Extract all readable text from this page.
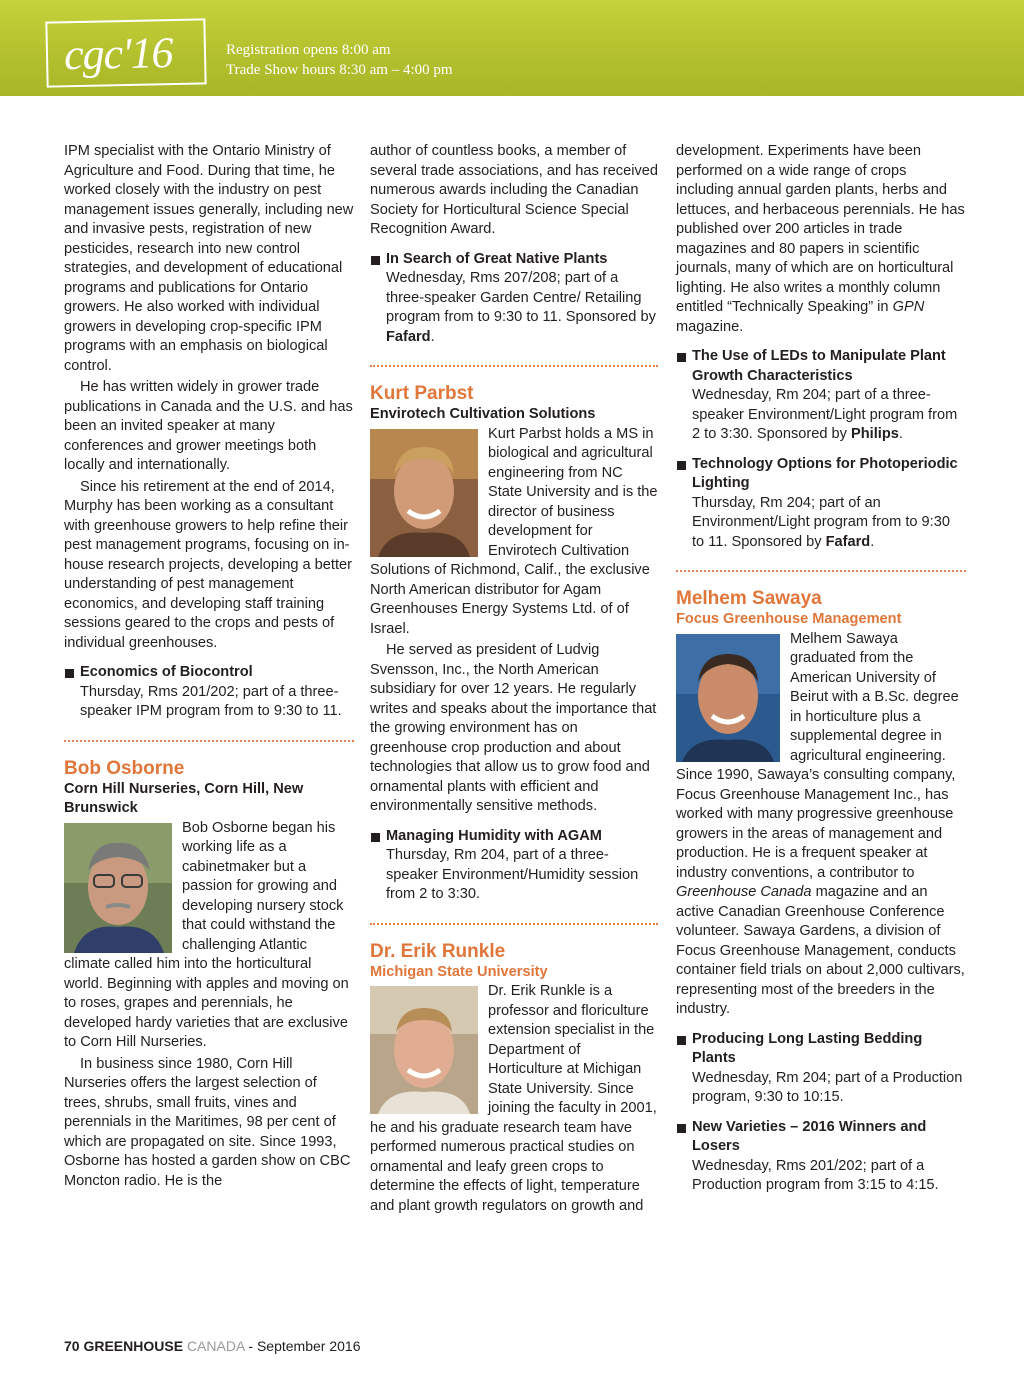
cgc'16	Registration opens 8:00 am
Trade Show hours 8:30 am – 4:00 pm

IPM specialist with the Ontario Ministry of Agriculture and Food. During that time, he worked closely with the industry on pest management issues generally, including new and invasive pests, registration of new pesticides, research into new control strategies, and development of educational programs and publications for Ontario growers. He also worked with individual growers in developing crop-specific IPM programs with an emphasis on biological control.

He has written widely in grower trade publications in Canada and the U.S. and has been an invited speaker at many conferences and grower meetings both locally and internationally.

Since his retirement at the end of 2014, Murphy has been working as a consultant with greenhouse growers to help refine their pest management programs, focusing on in-house research projects, developing a better understanding of pest management economics, and developing staff training sessions geared to the crops and pests of individual greenhouses.

Economics of Biocontrol
Thursday, Rms 201/202; part of a three-speaker IPM program from to 9:30 to 11.

Bob Osborne

Corn Hill Nurseries, Corn Hill, New Brunswick

Bob Osborne began his working life as a cabinetmaker but a passion for growing and developing nursery stock that could withstand the challenging Atlantic climate called him into the horticultural world. Beginning with apples and moving on to roses, grapes and perennials, he developed hardy varieties that are exclusive to Corn Hill Nurseries.

In business since 1980, Corn Hill Nurseries offers the largest selection of trees, shrubs, small fruits, vines and perennials in the Maritimes, 98 per cent of which are propagated on site. Since 1993, Osborne has hosted a garden show on CBC Moncton radio. He is the

author of countless books, a member of several trade associations, and has received numerous awards including the Canadian Society for Horticultural Science Special Recognition Award.

In Search of Great Native Plants
Wednesday, Rms 207/208; part of a three-speaker Garden Centre/ Retailing program from to 9:30 to 11. Sponsored by Fafard.

Kurt Parbst

Envirotech Cultivation Solutions

Kurt Parbst holds a MS in biological and agricultural engineering from NC State University and is the director of business development for Envirotech Cultivation Solutions of Richmond, Calif., the exclusive North American distributor for Agam Greenhouses Energy Systems Ltd. of of Israel.

He served as president of Ludvig Svensson, Inc., the North American subsidiary for over 12 years. He regularly writes and speaks about the importance that the growing environment has on greenhouse crop production and about technologies that allow us to grow food and ornamental plants with efficient and environmentally sensitive methods.

Managing Humidity with AGAM
Thursday, Rm 204, part of a three-speaker Environment/Humidity session from 2 to 3:30.

Dr. Erik Runkle

Michigan State University

Dr. Erik Runkle is a professor and floriculture extension specialist in the Department of Horticulture at Michigan State University. Since joining the faculty in 2001, he and his graduate research team have performed numerous practical studies on ornamental and leafy green crops to determine the effects of light, temperature and plant growth regulators on growth and

development. Experiments have been performed on a wide range of crops including annual garden plants, herbs and lettuces, and herbaceous perennials. He has published over 200 articles in trade magazines and 80 papers in scientific journals, many of which are on horticultural lighting. He also writes a monthly column entitled “Technically Speaking” in GPN magazine.

The Use of LEDs to Manipulate Plant Growth Characteristics
Wednesday, Rm 204; part of a three-speaker Environment/Light program from 2 to 3:30. Sponsored by Philips.
Technology Options for Photoperiodic Lighting
Thursday, Rm 204; part of an Environment/Light program from to 9:30 to 11. Sponsored by Fafard.

Melhem Sawaya

Focus Greenhouse Management

Melhem Sawaya graduated from the American University of Beirut with a B.Sc. degree in horticulture plus a supplemental degree in agricultural engineering. Since 1990, Sawaya’s consulting company, Focus Greenhouse Management Inc., has worked with many progressive greenhouse growers in the areas of management and production. He is a frequent speaker at industry conventions, a contributor to Greenhouse Canada magazine and an active Canadian Greenhouse Conference volunteer. Sawaya Gardens, a division of Focus Greenhouse Management, conducts container field trials on about 2,000 cultivars, representing most of the breeders in the industry.

Producing Long Lasting Bedding Plants
Wednesday, Rm 204; part of a Production program, 9:30 to 10:15.
New Varieties – 2016 Winners and Losers
Wednesday, Rms 201/202; part of a Production program from 3:15 to 4:15.
70 GREENHOUSE CANADA - September 2016
